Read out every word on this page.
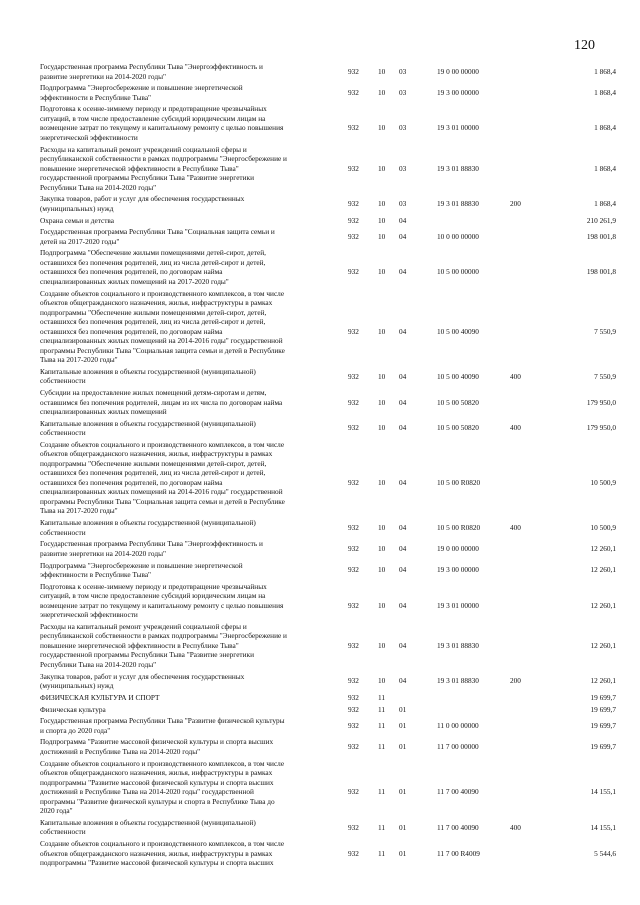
120
Государственная программа Республики Тыва "Энергоэффективность и
развитие энергетики на 2014-2020 годы"
932	10	03	19 0 00 00000	1 868,4
Подпрограмма "Энергосбережение и повышение энергетической
эффективности в Республике Тыва"
932	10	03	19 3 00 00000	1 868,4
Подготовка к осенне-зимнему периоду и предотвращение чрезвычайных
ситуаций, в том числе предоставление субсидий юридическим лицам на
возмещение затрат по текущему и капитальному ремонту с целью повышения
энергетической эффективности
932	10	03	19 3 01 00000	1 868,4
Расходы на капитальный ремонт учреждений социальной сферы и
республиканской собственности в рамках подпрограммы "Энергосбережение и
повышение энергетической эффективности в Республике Тыва"
государственной программы Республики Тыва "Развитие энергетики
Республики Тыва на 2014-2020 годы"
932	10	03	19 3 01 88830	1 868,4
Закупка товаров, работ и услуг для обеспечения государственных
(муниципальных) нужд
932	10	03	19 3 01 88830	200	1 868,4
Охрана семьи и детства	932	10	04	210 261,9
Государственная программа Республики Тыва "Социальная защита семьи и
детей на 2017-2020 годы"
932	10	04	10 0 00 00000	198 001,8
Подпрограмма "Обеспечение жилыми помещениями детей-сирот, детей,
оставшихся без попечения родителей, лиц из числа детей-сирот и детей,
оставшихся без попечения родителей, по договорам найма
специализированных жилых помещений на 2017-2020 годы"
932	10	04	10 5 00 00000	198 001,8
Создание объектов социального и производственного комплексов, в том числе
объектов общегражданского назначения, жилья, инфраструктуры в рамках
подпрограммы "Обеспечение жилыми помещениями детей-сирот, детей,
оставшихся без попечения родителей, лиц из числа детей-сирот и детей,
оставшихся без попечения родителей, по договорам найма
специализированных жилых помещений на 2014-2016 годы" государственной
программы Республики Тыва "Социальная защита семьи и детей в Республике
Тыва на 2017-2020 годы"
932	10	04	10 5 00 40090	7 550,9
Капитальные вложения в объекты государственной (муниципальной)
собственности
932	10	04	10 5 00 40090	400	7 550,9
Субсидии на предоставление жилых помещений детям-сиротам и детям,
оставшимся без попечения родителей, лицам из их числа по договорам найма
специализированных жилых помещений
932	10	04	10 5 00 50820	179 950,0
Капитальные вложения в объекты государственной (муниципальной)
собственности
932	10	04	10 5 00 50820	400	179 950,0
Создание объектов социального и производственного комплексов, в том числе
объектов общегражданского назначения, жилья, инфраструктуры в рамках
подпрограммы "Обеспечение жилыми помещениями детей-сирот, детей,
оставшихся без попечения родителей, лиц из числа детей-сирот и детей,
оставшихся без попечения родителей, по договорам найма
специализированных жилых помещений на 2014-2016 годы" государственной
программы Республики Тыва "Социальная защита семьи и детей в Республике
Тыва на 2017-2020 годы"
932	10	04	10 5 00 R0820	10 500,9
Капитальные вложения в объекты государственной (муниципальной)
собственности
932	10	04	10 5 00 R0820	400	10 500,9
Государственная программа Республики Тыва "Энергоэффективность и
развитие энергетики на 2014-2020 годы"
932	10	04	19 0 00 00000	12 260,1
Подпрограмма "Энергосбережение и повышение энергетической
эффективности в Республике Тыва"
932	10	04	19 3 00 00000	12 260,1
Подготовка к осенне-зимнему периоду и предотвращение чрезвычайных
ситуаций, в том числе предоставление субсидий юридическим лицам на
возмещение затрат по текущему и капитальному ремонту с целью повышения
энергетической эффективности
932	10	04	19 3 01 00000	12 260,1
Расходы на капитальный ремонт учреждений социальной сферы и
республиканской собственности в рамках подпрограммы "Энергосбережение и
повышение энергетической эффективности в Республике Тыва"
государственной программы Республики Тыва "Развитие энергетики
Республики Тыва на 2014-2020 годы"
932	10	04	19 3 01 88830	12 260,1
Закупка товаров, работ и услуг для обеспечения государственных
(муниципальных) нужд
932	10	04	19 3 01 88830	200	12 260,1
ФИЗИЧЕСКАЯ КУЛЬТУРА И СПОРТ	932	11	19 699,7
Физическая культура	932	11	01	19 699,7
Государственная программа Республики Тыва "Развитие физической культуры
и спорта до 2020 года"
932	11	01	11 0 00 00000	19 699,7
Подпрограмма "Развитие массовой физической культуры и спорта высших
достижений в Республике Тыва на 2014-2020 годы"
932	11	01	11 7 00 00000	19 699,7
Создание объектов социального и производственного комплексов, в том числе
объектов общегражданского назначения, жилья, инфраструктуры в рамках
подпрограммы "Развитие массовой физической культуры и спорта высших
достижений в Республике Тыва на 2014-2020 годы" государственной
программы "Развитие физической культуры и спорта в Республике Тыва до
2020 года"
932	11	01	11 7 00 40090	14 155,1
Капитальные вложения в объекты государственной (муниципальной)
собственности
932	11	01	11 7 00 40090	400	14 155,1
Создание объектов социального и производственного комплексов, в том числе
объектов общегражданского назначения, жилья, инфраструктуры в рамках
подпрограммы "Развитие массовой физической культуры и спорта высших
932	11	01	11 7 00 R4009	5 544,6
